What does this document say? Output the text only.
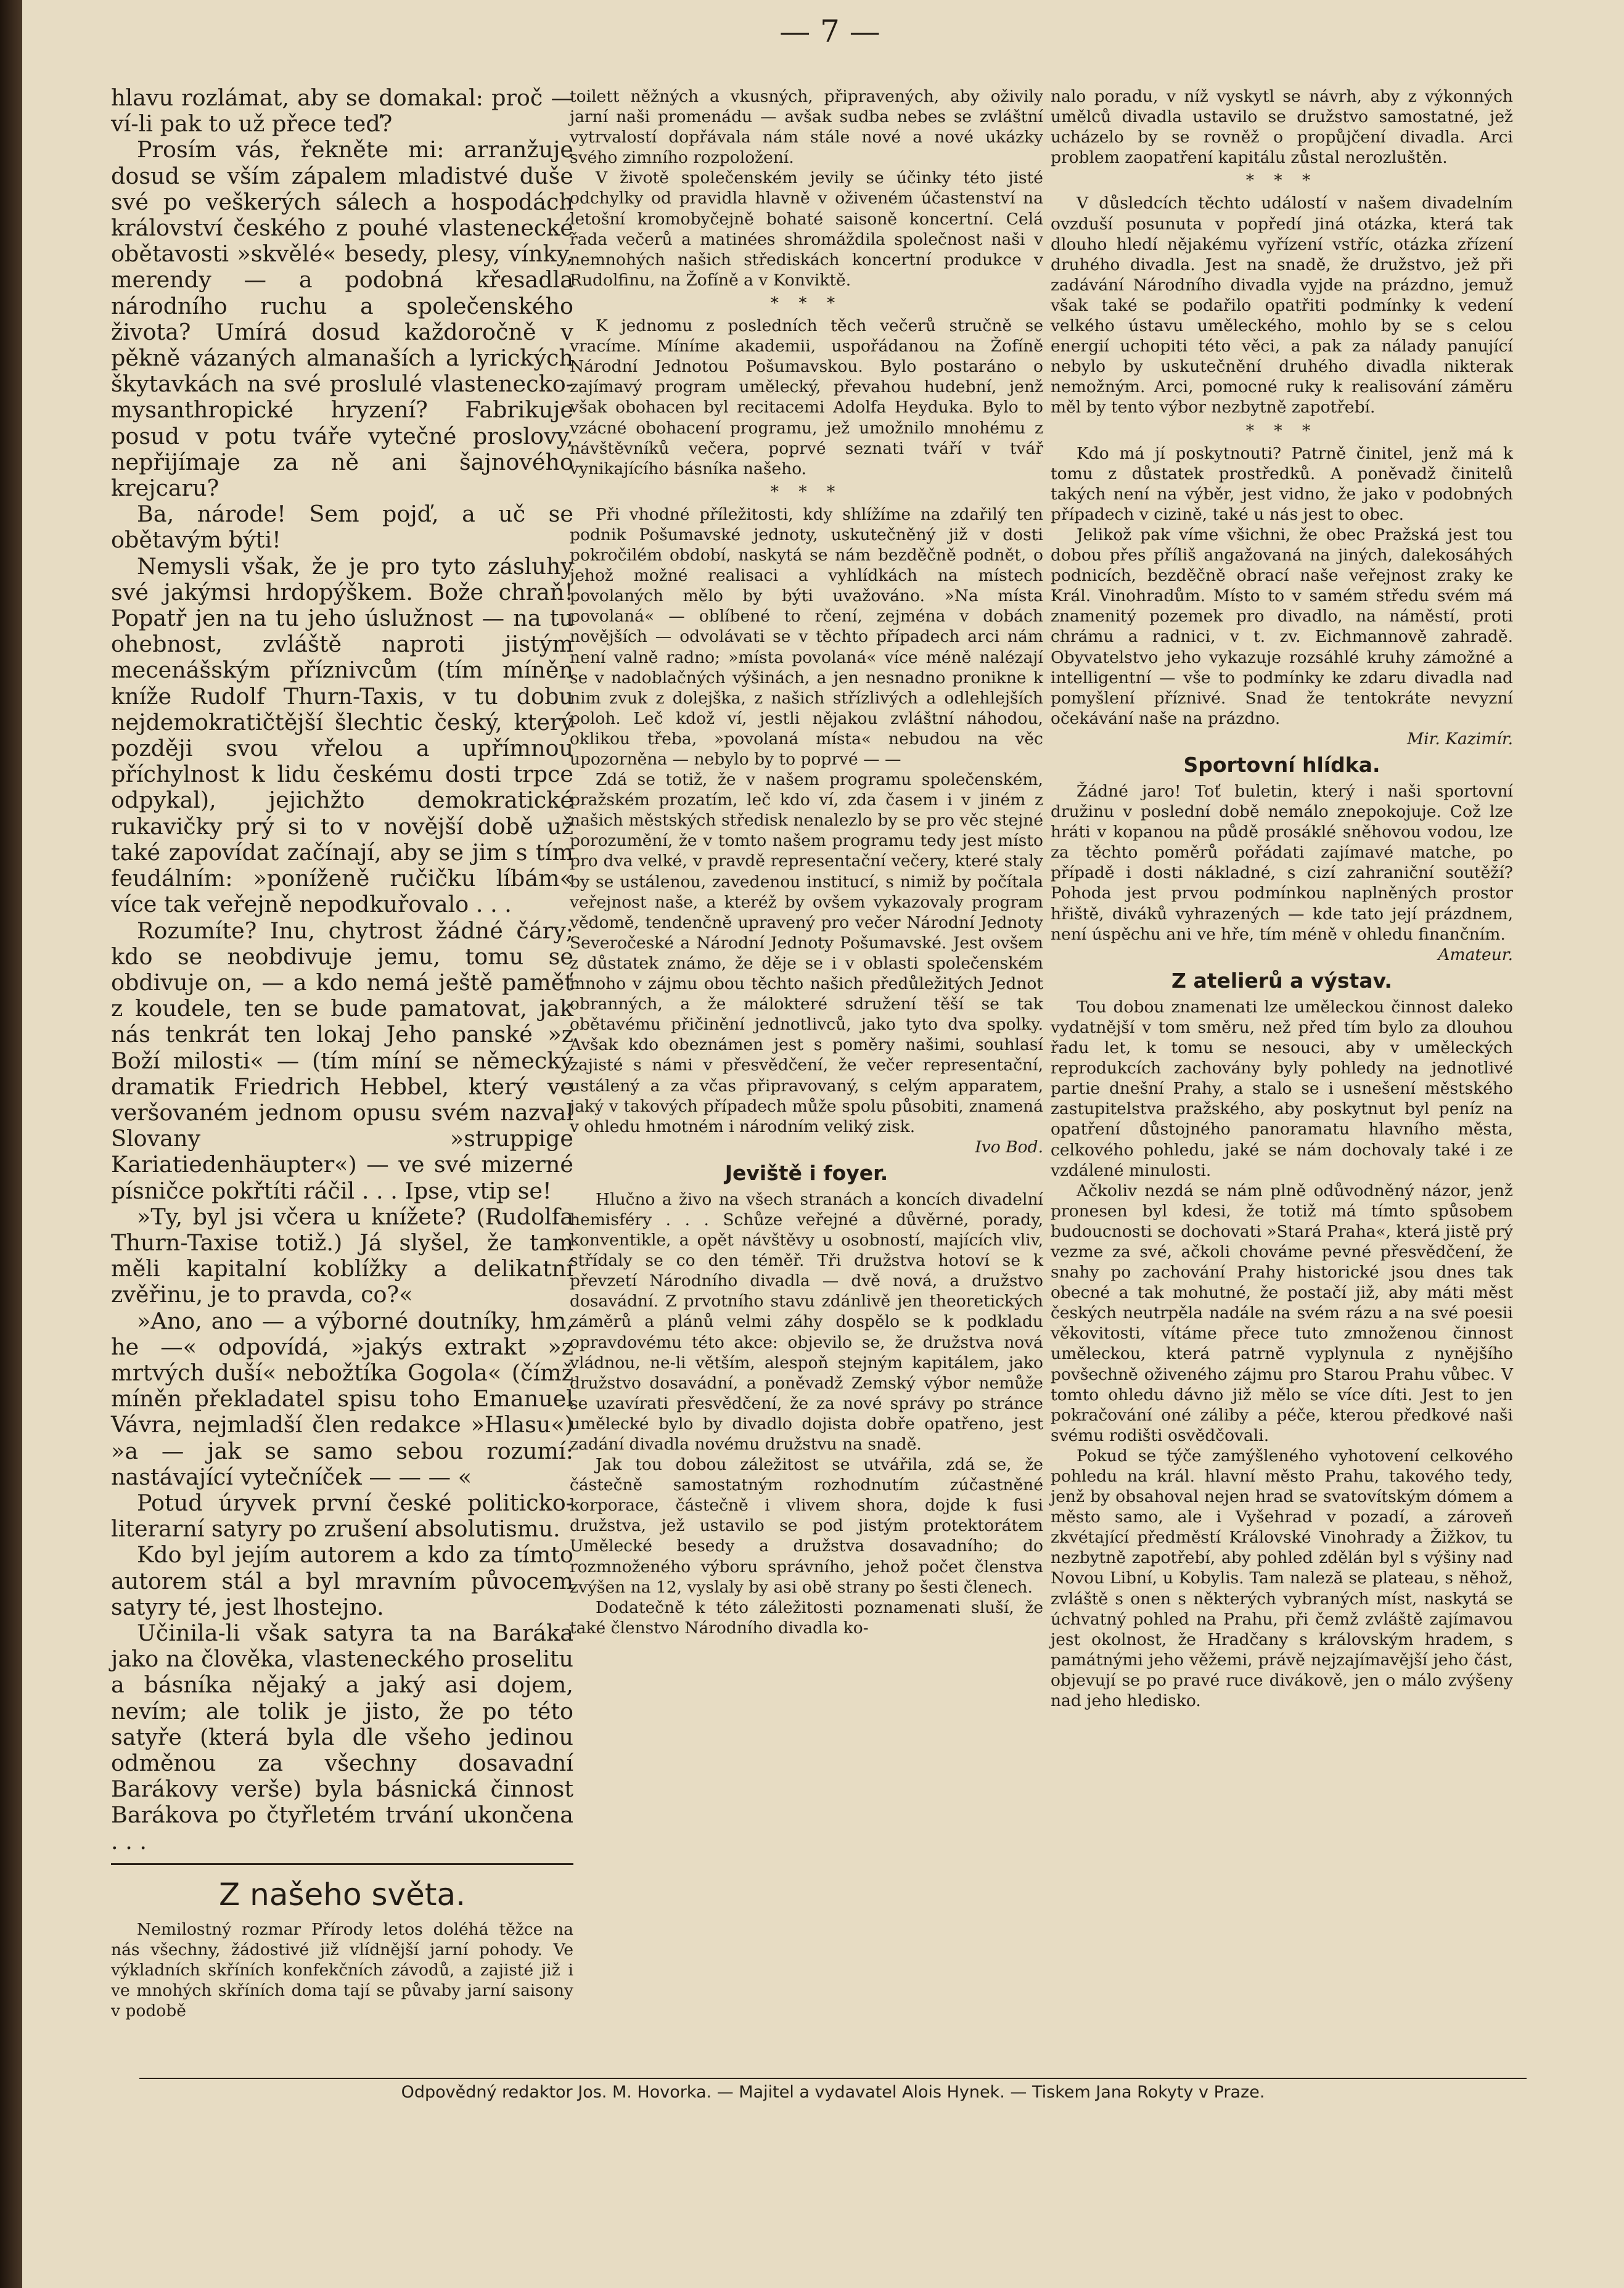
— 7 —

hlavu rozlámat, aby se domakal: proč — ví-li pak to už přece teď?

Prosím vás, řekněte mi: arranžuje dosud se vším zápalem mladistvé duše své po veškerých sálech a hospodách království českého z pouhé vlastenecké obětavosti »skvělé« besedy, plesy, vínky, merendy — a podobná křesadla národního ruchu a společenského života? Umírá dosud každoročně v pěkně vázaných almanaších a lyrických škytavkách na své proslulé vlastenecko-mysanthropické hryzení? Fabrikuje posud v potu tváře vytečné proslovy, nepřijímaje za ně ani šajnového krejcaru?

Ba, národe! Sem pojď, a uč se obětavým býti!

Nemysli však, že je pro tyto zásluhy své jakýmsi hrdopýškem. Bože chraň! Popatř jen na tu jeho úslužnost — na tu ohebnost, zvláště naproti jistým mecenášským příznivcům (tím míněn kníže Rudolf Thurn-Taxis, v tu dobu nejdemokratičtější šlechtic český, který později svou vřelou a upřímnou příchylnost k lidu českému dosti trpce odpykal), jejichžto demokratické rukavičky prý si to v novější době už také zapovídat začínají, aby se jim s tím feudálním: »poníženě ručičku líbám« více tak veřejně nepodkuřovalo . . .

Rozumíte? Inu, chytrost žádné čáry; kdo se neobdivuje jemu, tomu se obdivuje on, — a kdo nemá ještě paměť z koudele, ten se bude pamatovat, jak nás tenkrát ten lokaj Jeho panské »z Boží milosti« — (tím míní se německý dramatik Friedrich Hebbel, který ve veršovaném jednom opusu svém nazval Slovany »struppige Kariatiedenhäupter«) — ve své mizerné písničce pokřtíti ráčil . . . Ipse, vtip se!

»Ty, byl jsi včera u knížete? (Rudolfa Thurn-Taxise totiž.) Já slyšel, že tam měli kapitalní koblížky a delikatní zvěřinu, je to pravda, co?«

»Ano, ano — a výborné doutníky, hm, he —« odpovídá, »jakýs extrakt »z mrtvých duší« nebožtíka Gogola« (čímž míněn překladatel spisu toho Emanuel Vávra, nejmladší člen redakce »Hlasu«) »a — jak se samo sebou rozumí: nastávající vytečníček — — — «

Potud úryvek první české politicko-literarní satyry po zrušení absolutismu.

Kdo byl jejím autorem a kdo za tímto autorem stál a byl mravním půvocem satyry té, jest lhostejno.

Učinila-li však satyra ta na Baráka jako na člověka, vlasteneckého proselitu a básníka nějaký a jaký asi dojem, nevím; ale tolik je jisto, že po této satyře (která byla dle všeho jedinou odměnou za všechny dosavadní Barákovy verše) byla básnická činnost Barákova po čtyřletém trvání ukončena . . .

Z našeho světa.

Nemilostný rozmar Přírody letos doléhá těžce na nás všechny, žádostivé již vlídnější jarní pohody. Ve výkladních skříních konfekčních závodů, a zajisté již i ve mnohých skříních doma tají se půvaby jarní saisony v podobě

toilett něžných a vkusných, připravených, aby oživily jarní naši promenádu — avšak sudba nebes se zvláštní vytrvalostí dopřávala nám stále nové a nové ukázky svého zimního rozpoložení.

V životě společenském jevily se účinky této jisté odchylky od pravidla hlavně v oživeném účastenství na letošní kromobyčejně bohaté saisoně koncertní. Celá řada večerů a matinées shromáždila společnost naši v nemnohých našich střediskách koncertní produkce v Rudolfinu, na Žofíně a v Konviktě.

* * *

K jednomu z posledních těch večerů stručně se vracíme. Míníme akademii, uspořádanou na Žofíně Národní Jednotou Pošumavskou. Bylo postaráno o zajímavý program umělecký, převahou hudební, jenž však obohacen byl recitacemi Adolfa Heyduka. Bylo to vzácné obohacení programu, jež umožnilo mnohému z návštěvníků večera, poprvé seznati tváří v tvář vynikajícího básníka našeho.

* * *

Při vhodné příležitosti, kdy shlížíme na zdařilý ten podnik Pošumavské jednoty, uskutečněný již v dosti pokročilém období, naskytá se nám bezděčně podnět, o jehož možné realisaci a vyhlídkách na místech povolaných mělo by býti uvažováno. »Na místa povolaná« — oblíbené to rčení, zejména v dobách novějších — odvolávati se v těchto případech arci nám není valně radno; »místa povolaná« více méně nalézají se v nadoblačných výšinách, a jen nesnadno pronikne k nim zvuk z dolejška, z našich střízlivých a odlehlejších poloh. Leč kdož ví, jestli nějakou zvláštní náhodou, oklikou třeba, »povolaná místa« nebudou na věc upozorněna — nebylo by to poprvé — —

Zdá se totiž, že v našem programu společenském, pražském prozatím, leč kdo ví, zda časem i v jiném z našich městských středisk nenalezlo by se pro věc stejné porozumění, že v tomto našem programu tedy jest místo pro dva velké, v pravdě representační večery, které staly by se ustálenou, zavedenou institucí, s nimiž by počítala veřejnost naše, a kteréž by ovšem vykazovaly program vědomě, tendenčně upravený pro večer Národní Jednoty Severočeské a Národní Jednoty Pošumavské. Jest ovšem z důstatek známo, že děje se i v oblasti společenském mnoho v zájmu obou těchto našich předůležitých Jednot obranných, a že málokteré sdružení těší se tak obětavému přičinění jednotlivců, jako tyto dva spolky. Avšak kdo obeznámen jest s poměry našimi, souhlasí zajisté s námi v přesvědčení, že večer representační, ustálený a za včas připravovaný, s celým apparatem, jaký v takových případech může spolu působiti, znamená v ohledu hmotném i národním veliký zisk.

Ivo Bod.

Jeviště i foyer.

Hlučno a živo na všech stranách a koncích divadelní hemisféry . . . Schůze veřejné a důvěrné, porady, konventikle, a opět návštěvy u osobností, majících vliv, střídaly se co den téměř. Tři družstva hotoví se k převzetí Národního divadla — dvě nová, a družstvo dosavádní. Z prvotního stavu zdánlivě jen theoretických záměrů a plánů velmi záhy dospělo se k podkladu opravdovému této akce: objevilo se, že družstva nová vládnou, ne-li větším, alespoň stejným kapitálem, jako družstvo dosavádní, a poněvadž Zemský výbor nemůže se uzavírati přesvědčení, že za nové správy po stránce umělecké bylo by divadlo dojista dobře opatřeno, jest zadání divadla novému družstvu na snadě.

Jak tou dobou záležitost se utvářila, zdá se, že částečně samostatným rozhodnutím zúčastněné korporace, částečně i vlivem shora, dojde k fusi družstva, jež ustavilo se pod jistým protektorátem Umělecké besedy a družstva dosavadního; do rozmnoženého výboru správního, jehož počet členstva zvýšen na 12, vyslaly by asi obě strany po šesti členech.

Dodatečně k této záležitosti poznamenati sluší, že také členstvo Národního divadla ko-

nalo poradu, v níž vyskytl se návrh, aby z výkonných umělců divadla ustavilo se družstvo samostatné, jež ucházelo by se rovněž o propůjčení divadla. Arci problem zaopatření kapitálu zůstal nerozluštěn.

* * *

V důsledcích těchto událostí v našem divadelním ovzduší posunuta v popředí jiná otázka, která tak dlouho hledí nějakému vyřízení vstříc, otázka zřízení druhého divadla. Jest na snadě, že družstvo, jež při zadávání Národního divadla vyjde na prázdno, jemuž však také se podařilo opatřiti podmínky k vedení velkého ústavu uměleckého, mohlo by se s celou energií uchopiti této věci, a pak za nálady panující nebylo by uskutečnění druhého divadla nikterak nemožným. Arci, pomocné ruky k realisování záměru měl by tento výbor nezbytně zapotřebí.

* * *

Kdo má jí poskytnouti? Patrně činitel, jenž má k tomu z důstatek prostředků. A poněvadž činitelů takých není na výběr, jest vidno, že jako v podobných případech v cizině, také u nás jest to obec.

Jelikož pak víme všichni, že obec Pražská jest tou dobou přes příliš angažovaná na jiných, dalekosáhých podnicích, bezděčně obrací naše veřejnost zraky ke Král. Vinohradům. Místo to v samém středu svém má znamenitý pozemek pro divadlo, na náměstí, proti chrámu a radnici, v t. zv. Eichmannově zahradě. Obyvatelstvo jeho vykazuje rozsáhlé kruhy zámožné a intelligentní — vše to podmínky ke zdaru divadla nad pomyšlení příznivé. Snad že tentokráte nevyzní očekávání naše na prázdno.

Mir. Kazimír.

Sportovní hlídka.

Žádné jaro! Toť buletin, který i naši sportovní družinu v poslední době nemálo znepokojuje. Což lze hráti v kopanou na půdě prosáklé sněhovou vodou, lze za těchto poměrů pořádati zajímavé matche, po případě i dosti nákladné, s cizí zahraniční soutěží? Pohoda jest prvou podmínkou naplněných prostor hřiště, diváků vyhrazených — kde tato její prázdnem, není úspěchu ani ve hře, tím méně v ohledu finančním.

Amateur.

Z atelierů a výstav.

Tou dobou znamenati lze uměleckou činnost daleko vydatnější v tom směru, než před tím bylo za dlouhou řadu let, k tomu se nesouci, aby v uměleckých reprodukcích zachovány byly pohledy na jednotlivé partie dnešní Prahy, a stalo se i usnešení městského zastupitelstva pražského, aby poskytnut byl peníz na opatření důstojného panoramatu hlavního města, celkového pohledu, jaké se nám dochovaly také i ze vzdálené minulosti.

Ačkoliv nezdá se nám plně odůvodněný názor, jenž pronesen byl kdesi, že totiž má tímto spůsobem budoucnosti se dochovati »Stará Praha«, která jistě prý vezme za své, ačkoli chováme pevné přesvědčení, že snahy po zachování Prahy historické jsou dnes tak obecné a tak mohutné, že postačí již, aby máti měst českých neutrpěla nadále na svém rázu a na své poesii věkovitosti, vítáme přece tuto zmnoženou činnost uměleckou, která patrně vyplynula z nynějšího povšechně oživeného zájmu pro Starou Prahu vůbec. V tomto ohledu dávno již mělo se více díti. Jest to jen pokračování oné záliby a péče, kterou předkové naši svému rodišti osvědčovali.

Pokud se týče zamýšleného vyhotovení celkového pohledu na král. hlavní město Prahu, takového tedy, jenž by obsahoval nejen hrad se svatovítským dómem a město samo, ale i Vyšehrad v pozadí, a zároveň zkvétající předměstí Královské Vinohrady a Žižkov, tu nezbytně zapotřebí, aby pohled zdělán byl s výšiny nad Novou Libní, u Kobylis. Tam naleză se plateau, s něhož, zvláště s onen s některých vybraných míst, naskytá se úchvatný pohled na Prahu, při čemž zvláště zajímavou jest okolnost, že Hradčany s královským hradem, s památnými jeho věžemi, právě nejzajímavější jeho část, objevují se po pravé ruce divákově, jen o málo zvýšeny nad jeho hledisko.

Odpovědný redaktor Jos. M. Hovorka. — Majitel a vydavatel Alois Hynek. — Tiskem Jana Rokyty v Praze.
